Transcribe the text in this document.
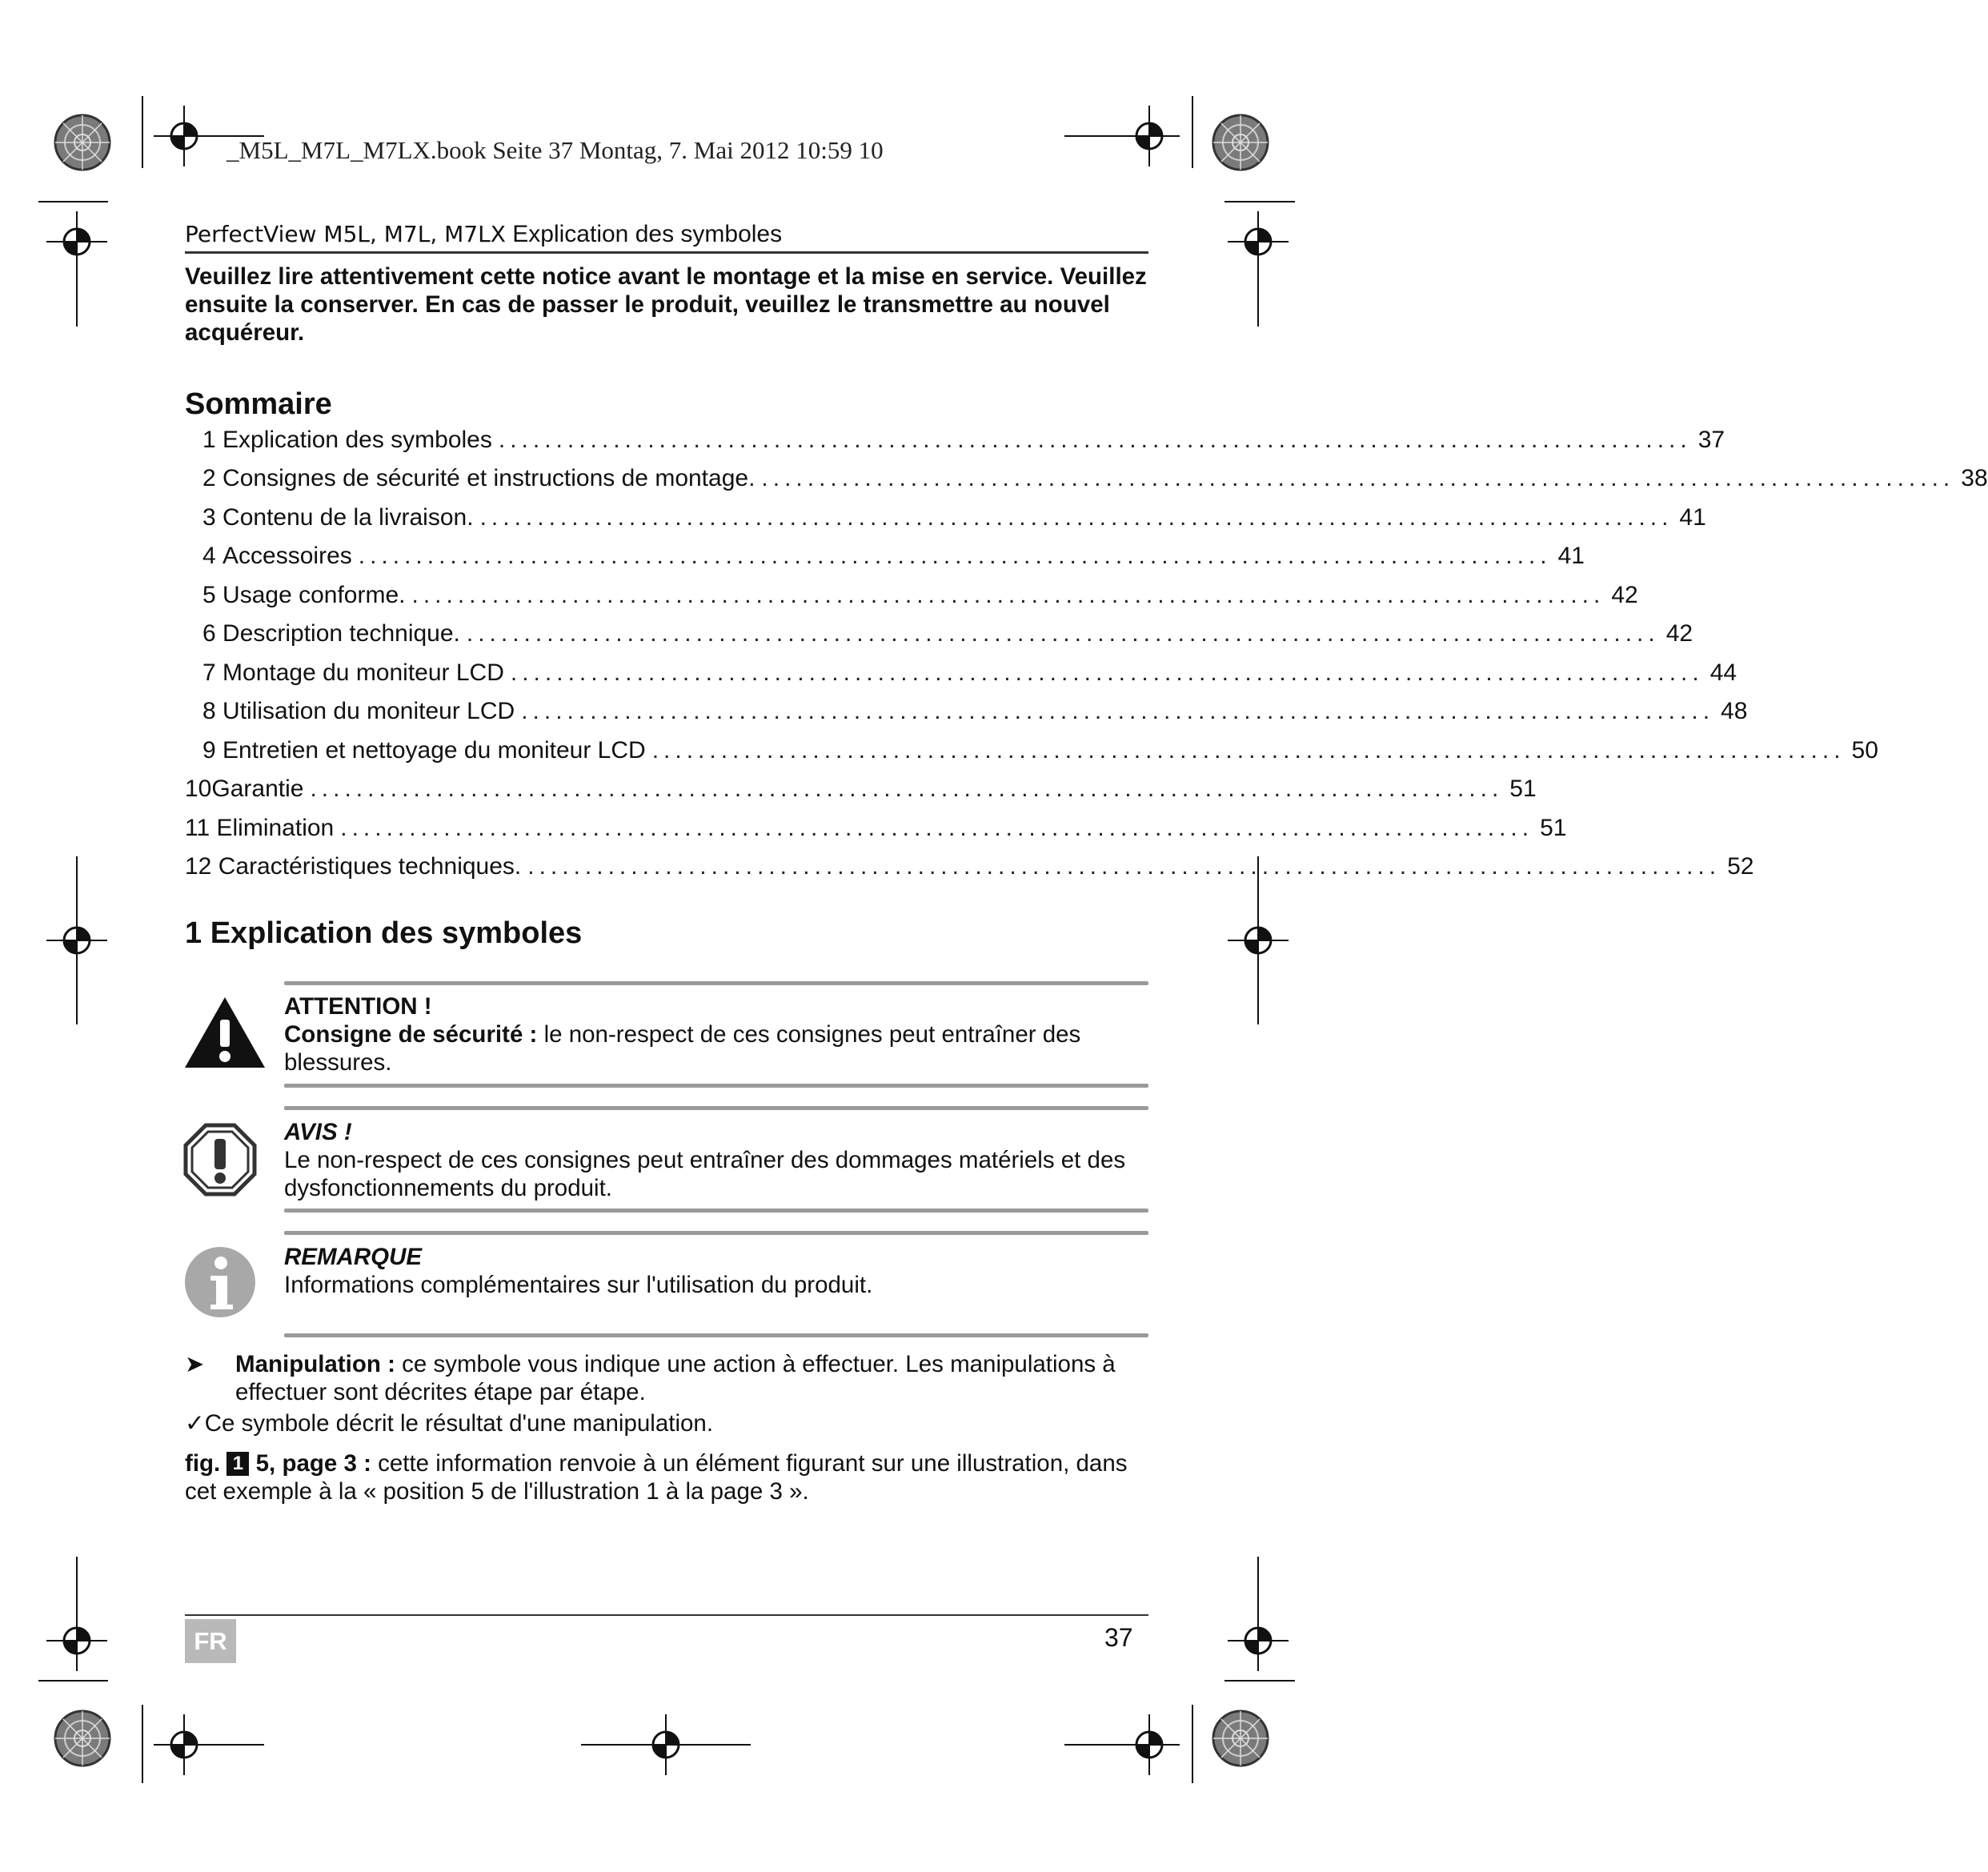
_M5L_M7L_M7LX.book Seite 37 Montag, 7. Mai 2012 10:59 10
PerfectView M5L, M7L, M7LX Explication des symboles
Veuillez lire attentivement cette notice avant le montage et la mise en service. Veuillez ensuite la conserver. En cas de passer le produit, veuillez le transmettre au nouvel acquéreur.
Sommaire
1
Explication des symboles ........................................................................................................ 37
2
Consignes de sécurité et instructions de montage. ........................................................................................................ 38
3
Contenu de la livraison. ........................................................................................................ 41
4
Accessoires ........................................................................................................ 41
5
Usage conforme. ........................................................................................................ 42
6
Description technique. ........................................................................................................ 42
7
Montage du moniteur LCD ........................................................................................................ 44
8
Utilisation du moniteur LCD ........................................................................................................ 48
9
Entretien et nettoyage du moniteur LCD ........................................................................................................ 50
10 Garantie ........................................................................................................ 51
11
Elimination ........................................................................................................ 51
12
Caractéristiques techniques. ........................................................................................................ 52
1 Explication des symboles
ATTENTION !
Consigne de sécurité : le non-respect de ces consignes peut entraîner des blessures.
AVIS !
Le non-respect de ces consignes peut entraîner des dommages matériels et des dysfonctionnements du produit.
REMARQUE
Informations complémentaires sur l'utilisation du produit.
➤ Manipulation : ce symbole vous indique une action à effectuer. Les manipulations à effectuer sont décrites étape par étape.
✓Ce symbole décrit le résultat d'une manipulation.
fig. 1 5, page 3 : cette information renvoie à un élément figurant sur une illustration, dans cet exemple à la « position 5 de l'illustration 1 à la page 3 ».
FR	37
